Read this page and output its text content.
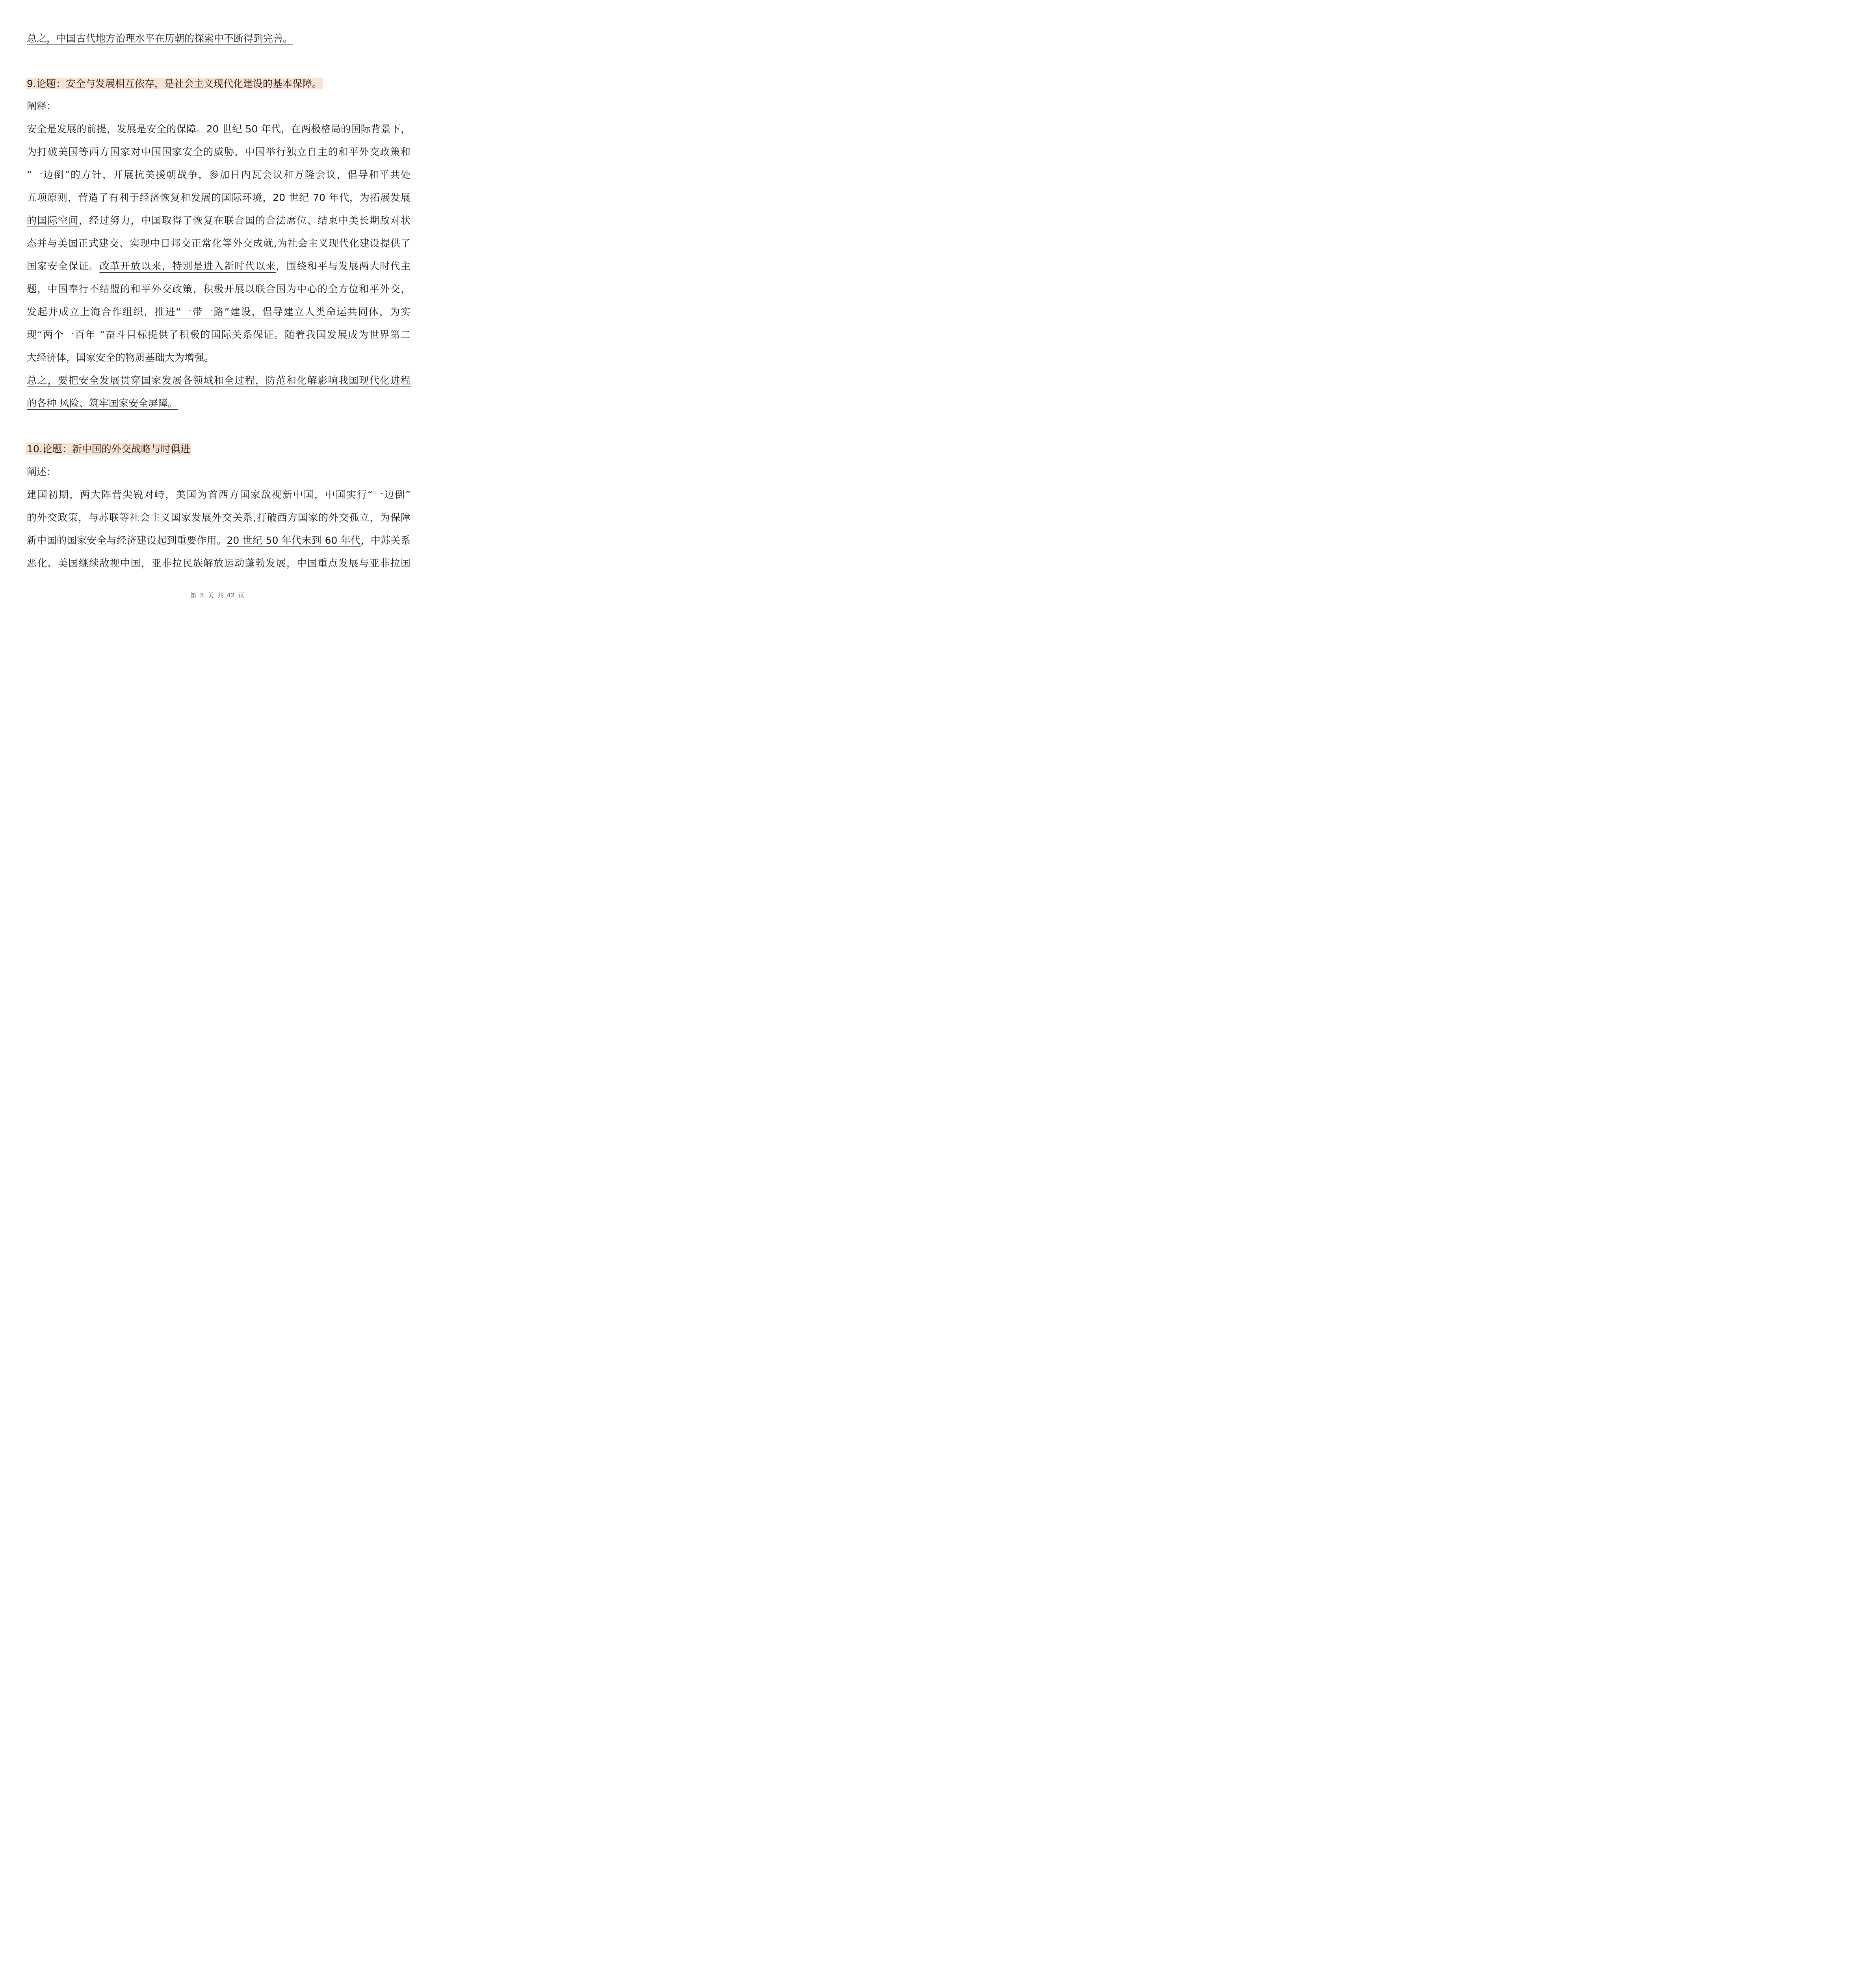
总之，中国古代地方治理水平在历朝的探索中不断得到完善。
9.论题：安全与发展相互依存，是社会主义现代化建设的基本保障。
阐释：
安全是发展的前提，发展是安全的保障。20 世纪 50 年代，在两极格局的国际背景下，
为打破美国等西方国家对中国国家安全的威胁，中国举行独立自主的和平外交政策和
“一边倒”的方针，开展抗美援朝战争，参加日内瓦会议和万隆会议，倡导和平共处
五项原则，营造了有利于经济恢复和发展的国际环境，20 世纪 70 年代，为拓展发展
的国际空间，经过努力，中国取得了恢复在联合国的合法席位、结束中美长期敌对状
态并与美国正式建交、实现中日邦交正常化等外交成就,为社会主义现代化建设提供了
国家安全保证。改革开放以来，特别是进入新时代以来，围绕和平与发展两大时代主
题，中国奉行不结盟的和平外交政策，积极开展以联合国为中心的全方位和平外交，
发起并成立上海合作组织，推进“一带一路”建设，倡导建立人类命运共同体，为实
现“两个一百年 ”奋斗目标提供了积极的国际关系保证。随着我国发展成为世界第二
大经济体，国家安全的物质基础大为增强。
总之，要把安全发展贯穿国家发展各领域和全过程，防范和化解影响我国现代化进程
的各种 风险、筑牢国家安全屏障。
10.论题：新中国的外交战略与时俱进
阐述：
建国初期，两大阵营尖锐对峙，美国为首西方国家敌视新中国，中国实行“一边倒”
的外交政策，与苏联等社会主义国家发展外交关系,打破西方国家的外交孤立，为保障
新中国的国家安全与经济建设起到重要作用。20 世纪 50 年代末到 60 年代，中苏关系
恶化、美国继续敌视中国，亚非拉民族解放运动蓬勃发展，中国重点发展与亚非拉国
第  5  页  共  42  页
